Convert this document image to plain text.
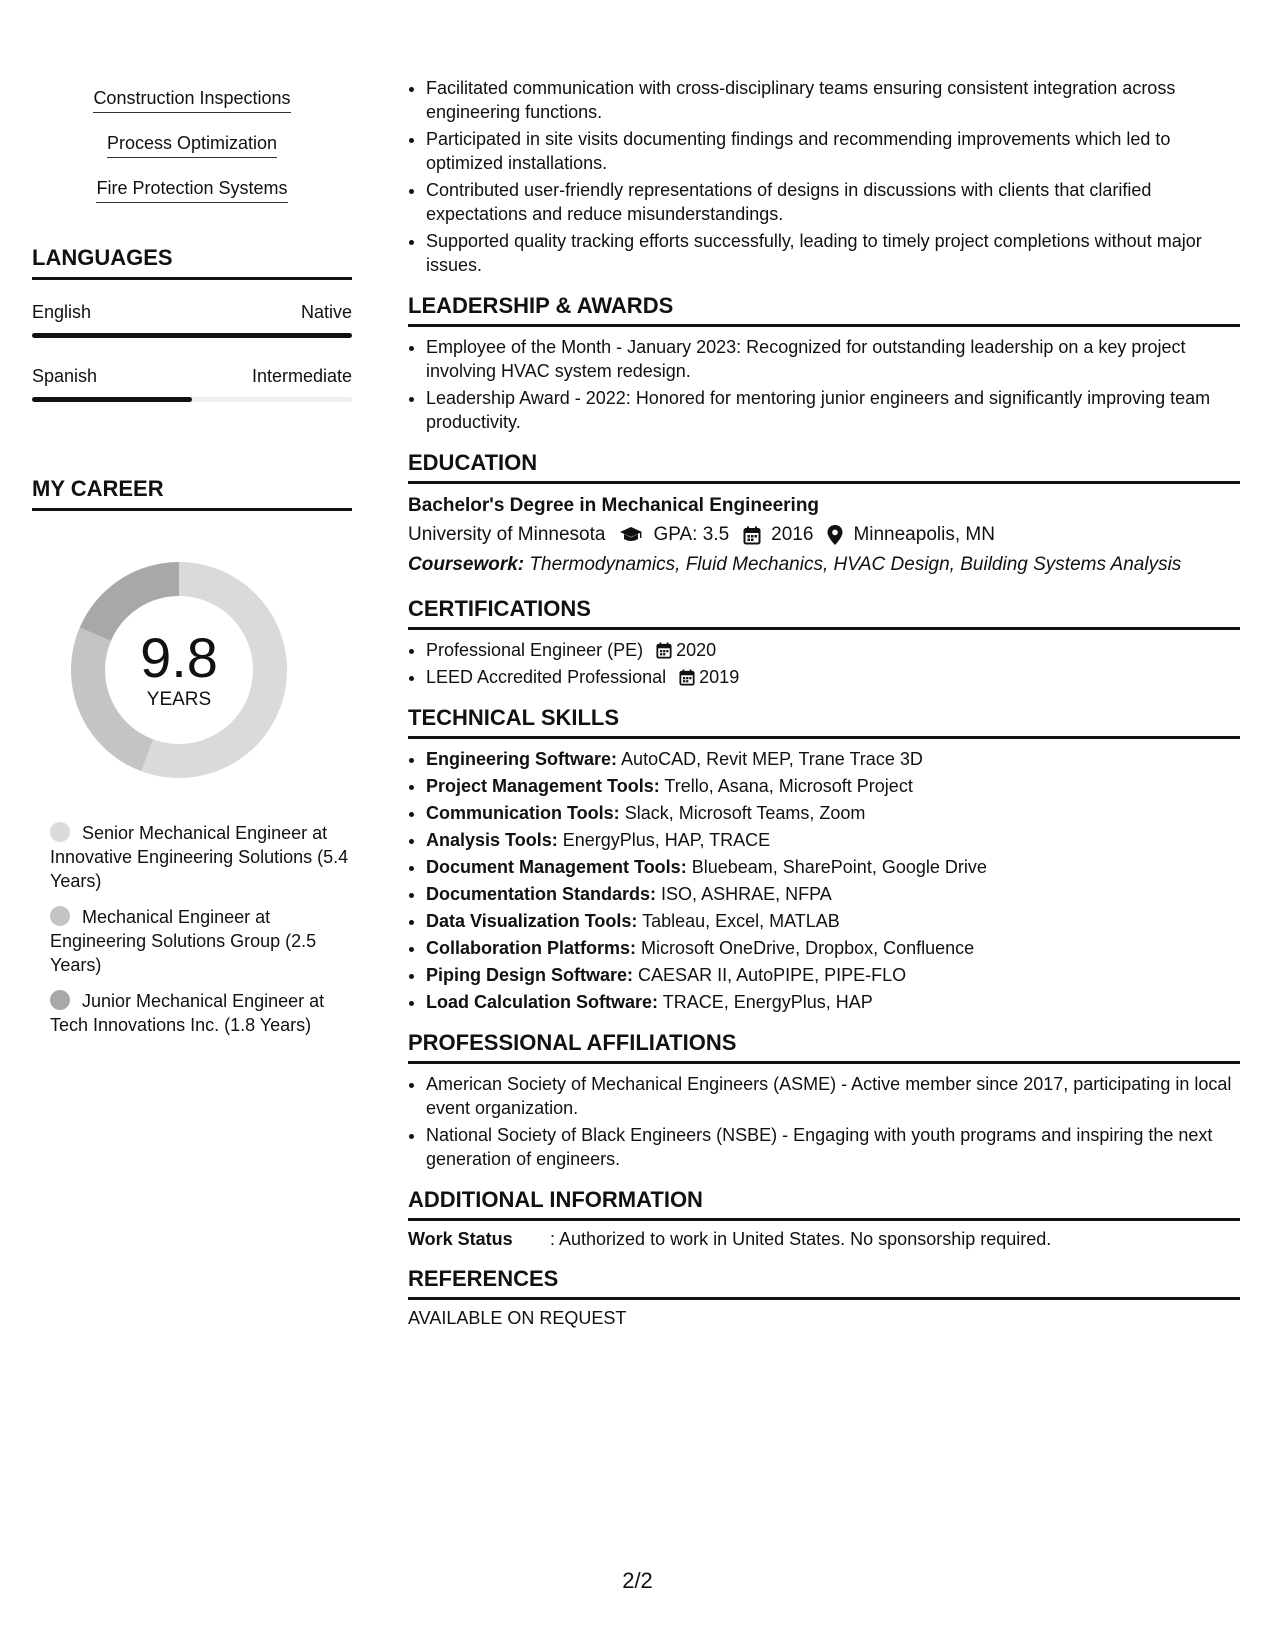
Construction Inspections
Process Optimization
Fire Protection Systems
LANGUAGES
English	Native
Spanish	Intermediate
MY CAREER
9.8
YEARS
Senior Mechanical Engineer at Innovative Engineering Solutions (5.4 Years)
Mechanical Engineer at Engineering Solutions Group (2.5 Years)
Junior Mechanical Engineer at Tech Innovations Inc. (1.8 Years)
• Facilitated communication with cross-disciplinary teams ensuring consistent integration across engineering functions.
• Participated in site visits documenting findings and recommending improvements which led to optimized installations.
• Contributed user-friendly representations of designs in discussions with clients that clarified expectations and reduce misunderstandings.
• Supported quality tracking efforts successfully, leading to timely project completions without major issues.
LEADERSHIP & AWARDS
• Employee of the Month - January 2023: Recognized for outstanding leadership on a key project involving HVAC system redesign.
• Leadership Award - 2022: Honored for mentoring junior engineers and significantly improving team productivity.
EDUCATION
Bachelor's Degree in Mechanical Engineering
University of Minnesota	GPA: 3.5 2016 Minneapolis, MN
Coursework: Thermodynamics, Fluid Mechanics, HVAC Design, Building Systems Analysis
CERTIFICATIONS
• Professional Engineer (PE) 2020
• LEED Accredited Professional 2019
TECHNICAL SKILLS
• Engineering Software: AutoCAD, Revit MEP, Trane Trace 3D
• Project Management Tools: Trello, Asana, Microsoft Project
• Communication Tools: Slack, Microsoft Teams, Zoom
• Analysis Tools: EnergyPlus, HAP, TRACE
• Document Management Tools: Bluebeam, SharePoint, Google Drive
• Documentation Standards: ISO, ASHRAE, NFPA
• Data Visualization Tools: Tableau, Excel, MATLAB
• Collaboration Platforms: Microsoft OneDrive, Dropbox, Confluence
• Piping Design Software: CAESAR II, AutoPIPE, PIPE-FLO
• Load Calculation Software: TRACE, EnergyPlus, HAP
PROFESSIONAL AFFILIATIONS
• American Society of Mechanical Engineers (ASME) - Active member since 2017, participating in local event organization.
• National Society of Black Engineers (NSBE) - Engaging with youth programs and inspiring the next generation of engineers.
ADDITIONAL INFORMATION
Work Status	: Authorized to work in United States. No sponsorship required.
REFERENCES
AVAILABLE ON REQUEST
2/2
